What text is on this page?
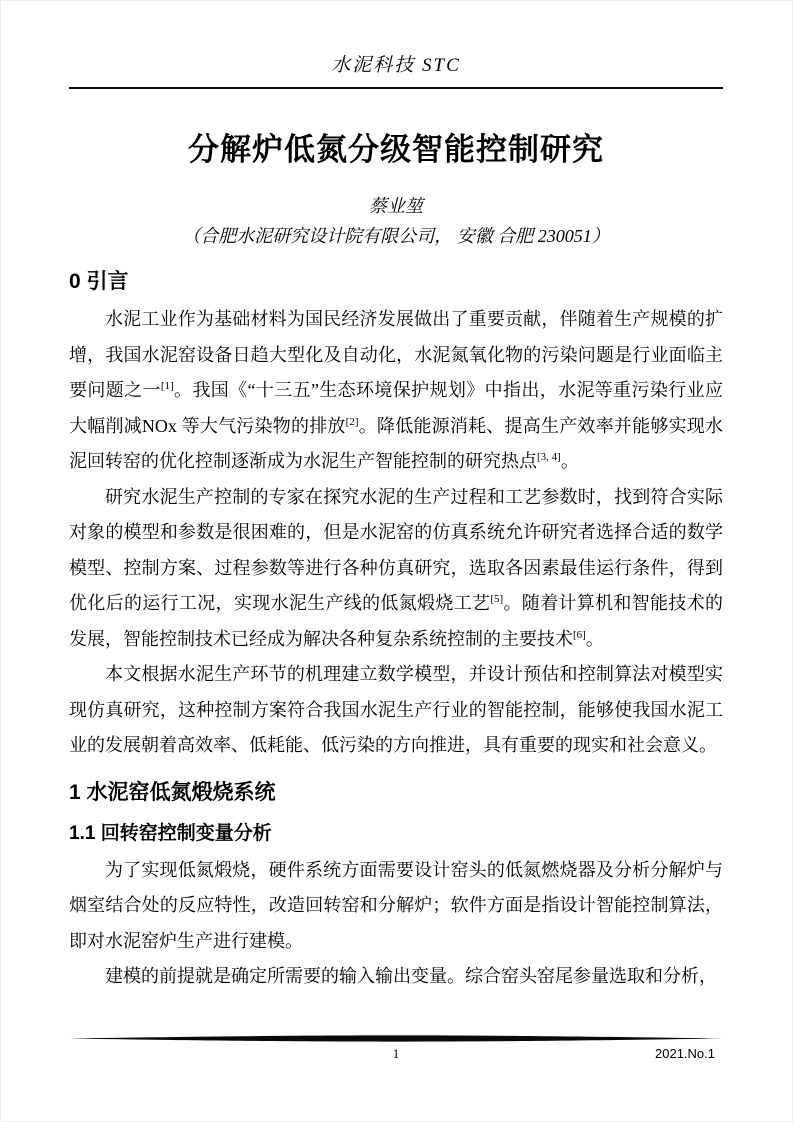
水泥科技 STC
分解炉低氮分级智能控制研究
蔡业堃
（合肥水泥研究设计院有限公司， 安徽 合肥 230051）
0 引言

水泥工业作为基础材料为国民经济发展做出了重要贡献，伴随着生产规模的扩增，我国水泥窑设备日趋大型化及自动化，水泥氮氧化物的污染问题是行业面临主要问题之一[1]。我国《“十三五”生态环境保护规划》中指出，水泥等重污染行业应大幅削减NOx 等大气污染物的排放[2]。降低能源消耗、提高生产效率并能够实现水泥回转窑的优化控制逐渐成为水泥生产智能控制的研究热点[3, 4]。

研究水泥生产控制的专家在探究水泥的生产过程和工艺参数时，找到符合实际对象的模型和参数是很困难的，但是水泥窑的仿真系统允许研究者选择合适的数学模型、控制方案、过程参数等进行各种仿真研究，选取各因素最佳运行条件，得到优化后的运行工况，实现水泥生产线的低氮煅烧工艺[5]。随着计算机和智能技术的发展，智能控制技术已经成为解决各种复杂系统控制的主要技术[6]。

本文根据水泥生产环节的机理建立数学模型，并设计预估和控制算法对模型实现仿真研究，这种控制方案符合我国水泥生产行业的智能控制，能够使我国水泥工业的发展朝着高效率、低耗能、低污染的方向推进，具有重要的现实和社会意义。

1 水泥窑低氮煅烧系统
1.1 回转窑控制变量分析

为了实现低氮煅烧，硬件系统方面需要设计窑头的低氮燃烧器及分析分解炉与烟室结合处的反应特性，改造回转窑和分解炉；软件方面是指设计智能控制算法，即对水泥窑炉生产进行建模。

建模的前提就是确定所需要的输入输出变量。综合窑头窑尾参量选取和分析，

1	2021.No.1
